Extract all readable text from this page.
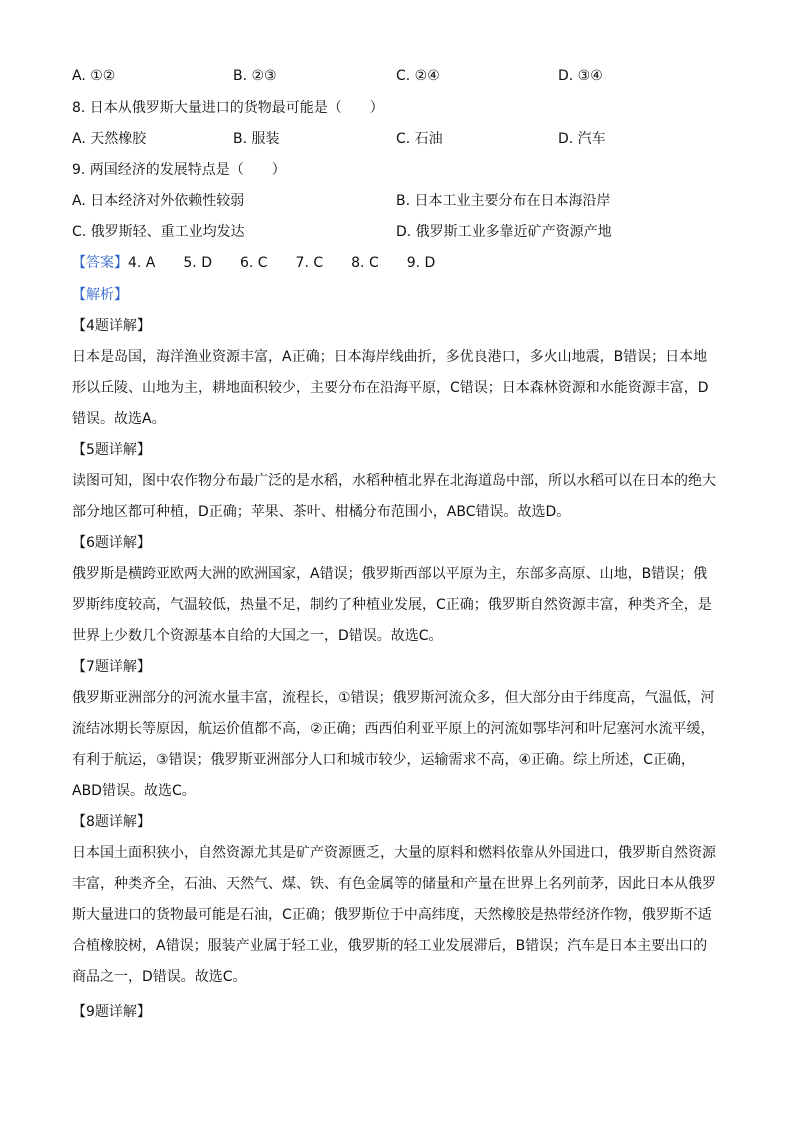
A. ①②	B. ②③	C. ②④	D. ③④
8. 日本从俄罗斯大量进口的货物最可能是（　　）
A. 天然橡胶	B. 服装	C. 石油	D. 汽车
9. 两国经济的发展特点是（　　）
A. 日本经济对外依赖性较弱	B. 日本工业主要分布在日本海沿岸
C. 俄罗斯轻、重工业均发达	D. 俄罗斯工业多靠近矿产资源产地
【答案】4. A　　5. D　　6. C　　7. C　　8. C　　9. D
【解析】
【4题详解】
日本是岛国，海洋渔业资源丰富，A正确；日本海岸线曲折，多优良港口，多火山地震，B错误；日本地
形以丘陵、山地为主，耕地面积较少，主要分布在沿海平原，C错误；日本森林资源和水能资源丰富，D
错误。故选A。
【5题详解】
读图可知，图中农作物分布最广泛的是水稻，水稻种植北界在北海道岛中部，所以水稻可以在日本的绝大
部分地区都可种植，D正确；苹果、茶叶、柑橘分布范围小，ABC错误。故选D。
【6题详解】
俄罗斯是横跨亚欧两大洲的欧洲国家，A错误；俄罗斯西部以平原为主，东部多高原、山地，B错误；俄
罗斯纬度较高，气温较低，热量不足，制约了种植业发展，C正确；俄罗斯自然资源丰富，种类齐全，是
世界上少数几个资源基本自给的大国之一，D错误。故选C。
【7题详解】
俄罗斯亚洲部分的河流水量丰富，流程长，①错误；俄罗斯河流众多，但大部分由于纬度高，气温低，河
流结冰期长等原因，航运价值都不高，②正确；西西伯利亚平原上的河流如鄂毕河和叶尼塞河水流平缓，
有利于航运，③错误；俄罗斯亚洲部分人口和城市较少，运输需求不高，④正确。综上所述，C正确，
ABD错误。故选C。
【8题详解】
日本国土面积狭小，自然资源尤其是矿产资源匮乏，大量的原料和燃料依靠从外国进口，俄罗斯自然资源
丰富，种类齐全，石油、天然气、煤、铁、有色金属等的储量和产量在世界上名列前茅，因此日本从俄罗
斯大量进口的货物最可能是石油，C正确；俄罗斯位于中高纬度，天然橡胶是热带经济作物，俄罗斯不适
合植橡胶树，A错误；服装产业属于轻工业，俄罗斯的轻工业发展滞后，B错误；汽车是日本主要出口的
商品之一，D错误。故选C。
【9题详解】
